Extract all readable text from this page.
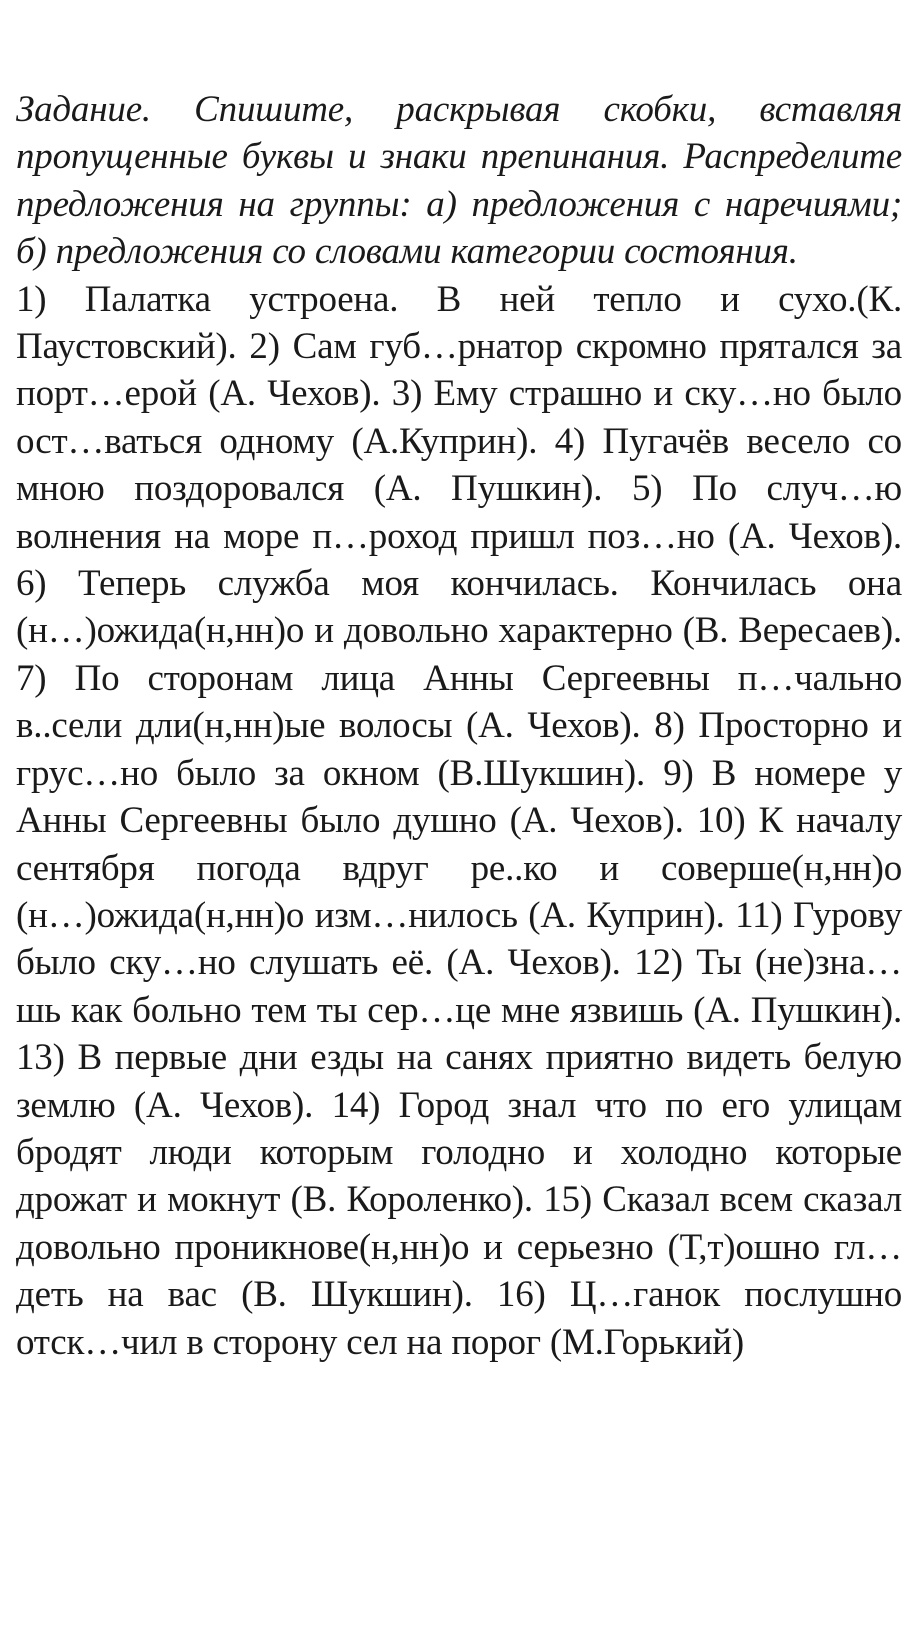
Задание. Спишите, раскрывая скобки, вставляя пропущенные буквы и знаки препинания. Распределите предложения на группы: а) предложения с наречиями; б) предложения со словами категории состояния.

1) Палатка устроена. В ней тепло и сухо.(К. Паустовский). 2) Сам губ…рнатор скромно прятался за порт…ерой (А. Чехов). 3) Ему страшно и ску…но было ост…ваться одному (А.Куприн). 4) Пугачёв весело со мною поздоровался (А. Пушкин). 5) По случ…ю волнения на море п…роход пришл поз…но (А. Чехов). 6) Теперь служба моя кончилась. Кончилась она (н…)ожида(н,нн)о и довольно характерно (В. Вересаев). 7) По сторонам лица Анны Сергеевны п…чально в..сели дли(н,нн)ые волосы (А. Чехов). 8) Просторно и грус…но было за окном (В.Шукшин). 9) В номере у Анны Сергеевны было душно (А. Чехов). 10) К началу сентября погода вдруг ре..ко и соверше(н,нн)о (н…)ожида(н,нн)о изм…нилось (А. Куприн). 11) Гурову было ску…но слушать её. (А. Чехов). 12) Ты (не)зна…шь как больно тем ты сер…це мне язвишь (А. Пушкин). 13) В первые дни езды на санях приятно видеть белую землю (А. Чехов). 14) Город знал что по его улицам бродят люди которым голодно и холодно которые дрожат и мокнут (В. Короленко). 15) Сказал всем сказал довольно проникнове(н,нн)о и серьезно (Т,т)ошно гл…деть на вас (В. Шукшин). 16) Ц…ганок послушно отск…чил в сторону сел на порог (М.Горький)
